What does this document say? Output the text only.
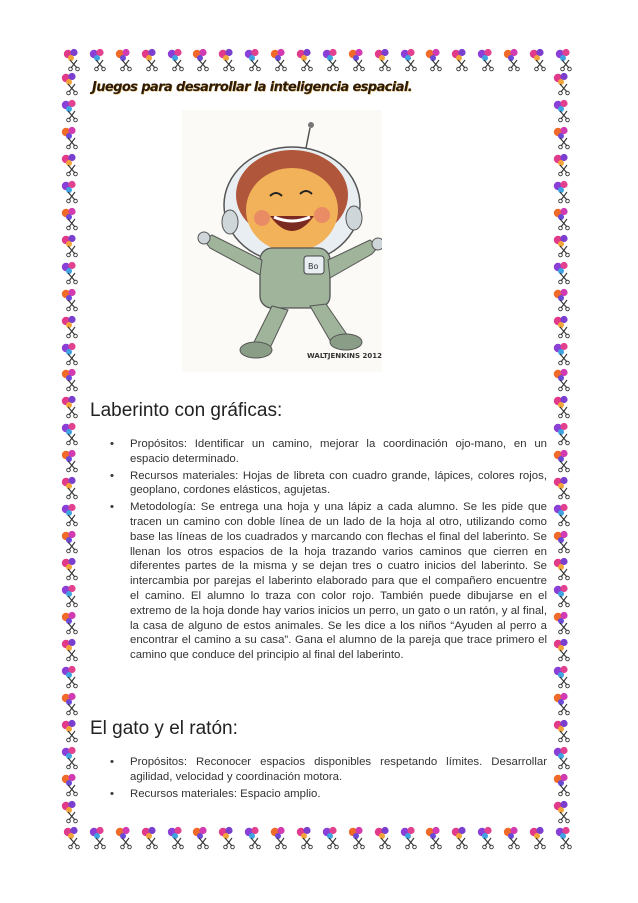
Juegos para desarrollar la inteligencia espacial.
Bo
WALTJENKINS 2012
Laberinto con gráficas:
• Propósitos: Identificar un camino, mejorar la coordinación ojo-mano, en un espacio determinado.
• Recursos materiales: Hojas de libreta con cuadro grande, lápices, colores rojos, geoplano, cordones elásticos, agujetas.
• Metodología: Se entrega una hoja y una lápiz a cada alumno. Se les pide que tracen un camino con doble línea de un lado de la hoja al otro, utilizando como base las líneas de los cuadrados y marcando con flechas el final del laberinto. Se llenan los otros espacios de la hoja trazando varios caminos que cierren en diferentes partes de la misma y se dejan tres o cuatro inicios del laberinto. Se intercambia por parejas el laberinto elaborado para que el compañero encuentre el camino. El alumno lo traza con color rojo. También puede dibujarse en el extremo de la hoja donde hay varios inicios un perro, un gato o un ratón, y al final, la casa de alguno de estos animales. Se les dice a los niños “Ayuden al perro a encontrar el camino a su casa”. Gana el alumno de la pareja que trace primero el camino que conduce del principio al final del laberinto.
El gato y el ratón:
• Propósitos: Reconocer espacios disponibles respetando límites. Desarrollar agilidad, velocidad y coordinación motora.
• Recursos materiales: Espacio amplio.
